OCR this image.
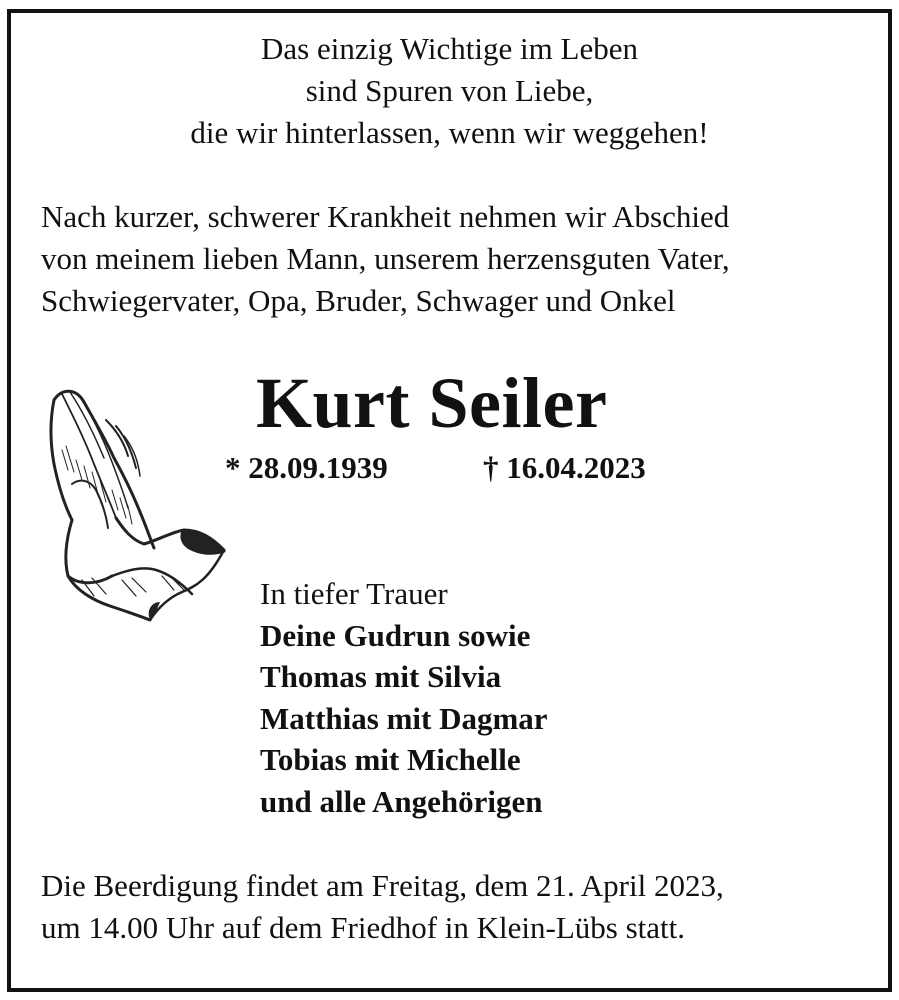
Das einzig Wichtige im Leben
sind Spuren von Liebe,
die wir hinterlassen, wenn wir weggehen!
Nach kurzer, schwerer Krankheit nehmen wir Abschied
von meinem lieben Mann, unserem herzensguten Vater,
Schwiegervater, Opa, Bruder, Schwager und Onkel
Kurt Seiler
* 28.09.1939	† 16.04.2023
In tiefer Trauer
Deine Gudrun sowie
Thomas mit Silvia
Matthias mit Dagmar
Tobias mit Michelle
und alle Angehörigen
Die Beerdigung findet am Freitag, dem 21. April 2023,
um 14.00 Uhr auf dem Friedhof in Klein-Lübs statt.
